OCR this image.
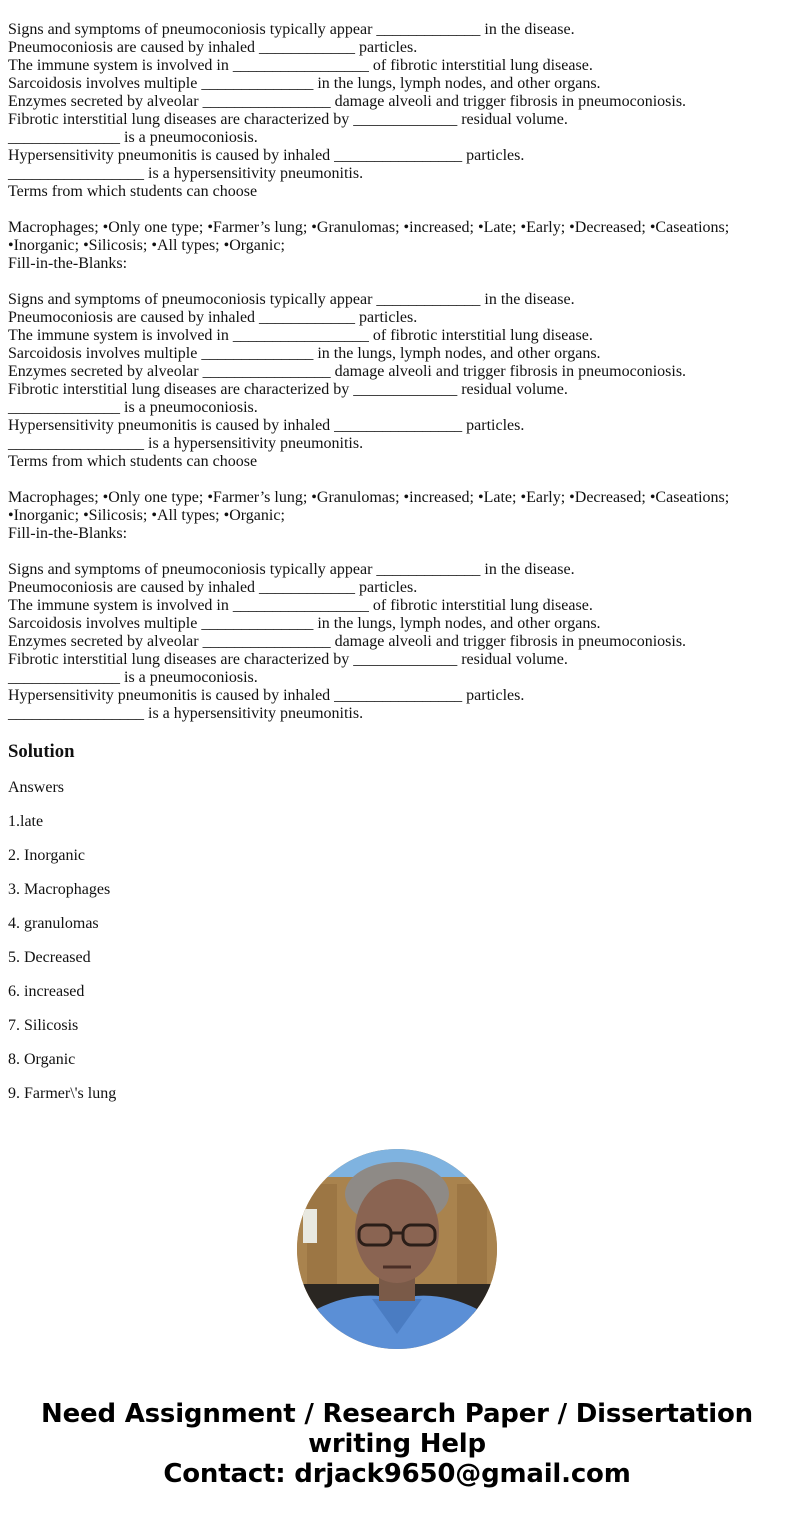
Signs and symptoms of pneumoconiosis typically appear _____________ in the disease.
Pneumoconiosis are caused by inhaled ____________ particles.
The immune system is involved in _________________ of fibrotic interstitial lung disease.
Sarcoidosis involves multiple ______________ in the lungs, lymph nodes, and other organs.
Enzymes secreted by alveolar ________________ damage alveoli and trigger fibrosis in pneumoconiosis.
Fibrotic interstitial lung diseases are characterized by _____________ residual volume.
______________ is a pneumoconiosis.
Hypersensitivity pneumonitis is caused by inhaled ________________ particles.
_________________ is a hypersensitivity pneumonitis.
Terms from which students can choose
Macrophages; •Only one type; •Farmer’s lung; •Granulomas; •increased; •Late; •Early; •Decreased; •Caseations;
•Inorganic; •Silicosis; •All types; •Organic;
Fill-in-the-Blanks:
Signs and symptoms of pneumoconiosis typically appear _____________ in the disease.
Pneumoconiosis are caused by inhaled ____________ particles.
The immune system is involved in _________________ of fibrotic interstitial lung disease.
Sarcoidosis involves multiple ______________ in the lungs, lymph nodes, and other organs.
Enzymes secreted by alveolar ________________ damage alveoli and trigger fibrosis in pneumoconiosis.
Fibrotic interstitial lung diseases are characterized by _____________ residual volume.
______________ is a pneumoconiosis.
Hypersensitivity pneumonitis is caused by inhaled ________________ particles.
_________________ is a hypersensitivity pneumonitis.
Terms from which students can choose
Macrophages; •Only one type; •Farmer’s lung; •Granulomas; •increased; •Late; •Early; •Decreased; •Caseations;
•Inorganic; •Silicosis; •All types; •Organic;
Fill-in-the-Blanks:
Signs and symptoms of pneumoconiosis typically appear _____________ in the disease.
Pneumoconiosis are caused by inhaled ____________ particles.
The immune system is involved in _________________ of fibrotic interstitial lung disease.
Sarcoidosis involves multiple ______________ in the lungs, lymph nodes, and other organs.
Enzymes secreted by alveolar ________________ damage alveoli and trigger fibrosis in pneumoconiosis.
Fibrotic interstitial lung diseases are characterized by _____________ residual volume.
______________ is a pneumoconiosis.
Hypersensitivity pneumonitis is caused by inhaled ________________ particles.
_________________ is a hypersensitivity pneumonitis.
Solution

Answers

1.late

2. Inorganic

3. Macrophages

4. granulomas

5. Decreased

6. increased

7. Silicosis

8. Organic

9. Farmer\'s lung

Need Assignment / Research Paper / Dissertation writing Help
Contact: drjack9650@gmail.com
